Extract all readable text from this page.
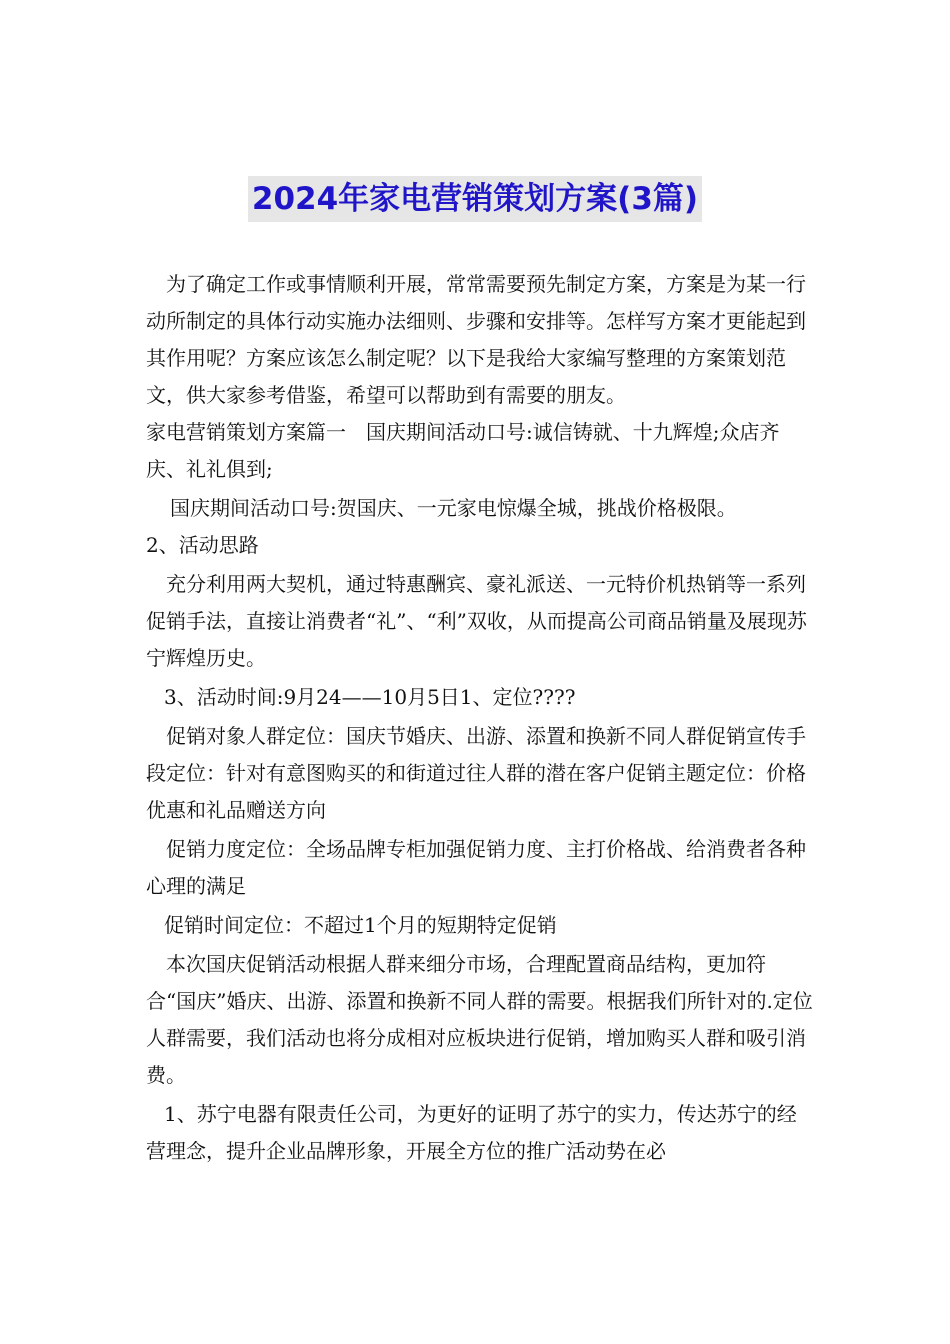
2024年家电营销策划方案(3篇)

为了确定工作或事情顺利开展，常常需要预先制定方案，方案是为某一行动所制定的具体行动实施办法细则、步骤和安排等。怎样写方案才更能起到其作用呢？方案应该怎么制定呢？以下是我给大家编写整理的方案策划范文，供大家参考借鉴，希望可以帮助到有需要的朋友。

家电营销策划方案篇一　国庆期间活动口号:诚信铸就、十九辉煌;众店齐庆、礼礼俱到;

国庆期间活动口号:贺国庆、一元家电惊爆全城，挑战价格极限。

2、活动思路

充分利用两大契机，通过特惠酬宾、豪礼派送、一元特价机热销等一系列促销手法，直接让消费者“礼”、“利”双收，从而提高公司商品销量及展现苏宁辉煌历史。

3、活动时间:9月24——10月5日1、定位????

促销对象人群定位：国庆节婚庆、出游、添置和换新不同人群促销宣传手段定位：针对有意图购买的和街道过往人群的潜在客户促销主题定位：价格优惠和礼品赠送方向

促销力度定位：全场品牌专柜加强促销力度、主打价格战、给消费者各种心理的满足

促销时间定位：不超过1个月的短期特定促销

本次国庆促销活动根据人群来细分市场，合理配置商品结构，更加符合“国庆”婚庆、出游、添置和换新不同人群的需要。根据我们所针对的.定位人群需要，我们活动也将分成相对应板块进行促销，增加购买人群和吸引消费。

1、苏宁电器有限责任公司，为更好的证明了苏宁的实力，传达苏宁的经营理念，提升企业品牌形象，开展全方位的推广活动势在必
